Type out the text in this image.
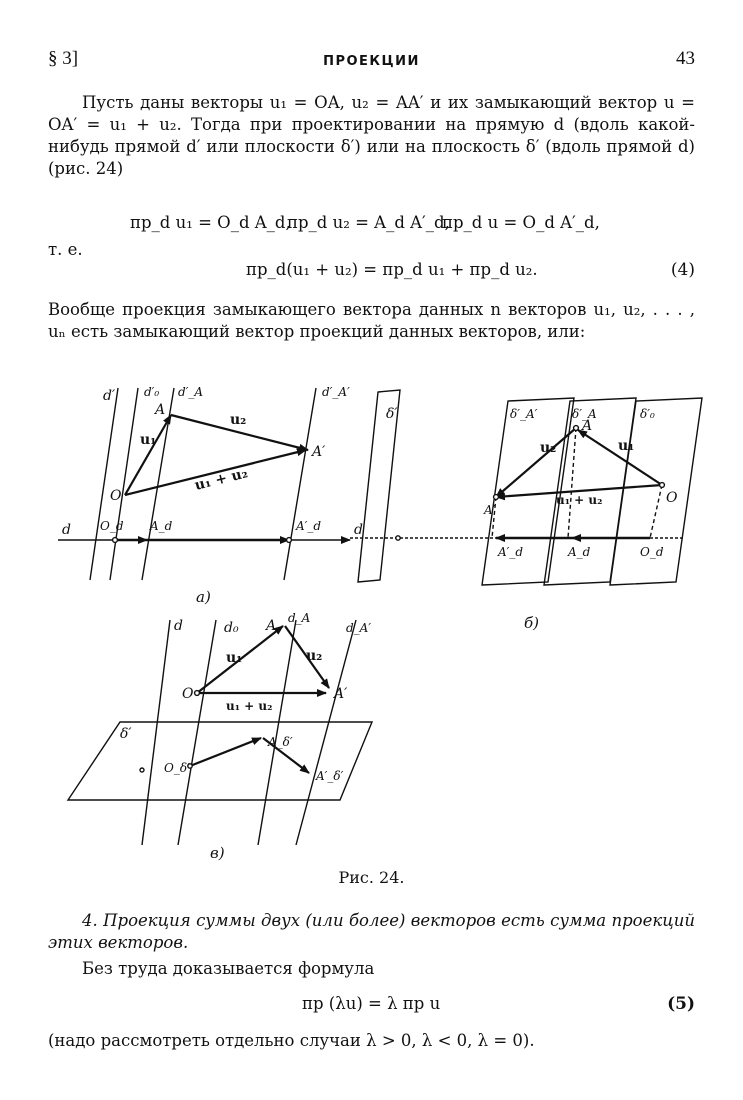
§ 3]	ПРОЕКЦИИ	43
Пусть даны векторы u₁ = OA, u₂ = AA′ и их замыкающий вектор u = OA′ = u₁ + u₂. Тогда при проектировании на прямую d (вдоль какой-нибудь прямой d′ или плоскости δ′) или на плоскость δ′ (вдоль прямой d) (рис. 24)
пр_d u₁ = O_d A_d,
пр_d u₂ = A_d A′_d,
пр_d u = O_d A′_d,
т. е.
пр_d(u₁ + u₂) = пр_d u₁ + пр_d u₂.	(4)
Вообще проекция замыкающего вектора данных n векторов u₁, u₂, . . . , uₙ есть замыкающий вектор проекций данных векторов, или:
d′ d′₀ d′_A	d′_A′
d
A
O
A′
O_d A_d	A′_d
u₁
u₂
u₁ + u₂
а)
δ′	δ′_A′	δ′_A	δ′₀
d
A
A′
O
A′_d	A_d	O_d
u₂	u₁
u₁ + u₂
б)
d	d₀
d_A
d_A′
δ′
A
O	A′
O_δ′
A_δ′
A′_δ′
u₁	u₂
u₁ + u₂
в)
Рис. 24.
4. Проекция суммы двух (или более) векторов есть сумма проекций этих векторов.
Без труда доказывается формула
пр (λu) = λ пр u	(5)
(надо рассмотреть отдельно случаи λ > 0, λ < 0, λ = 0).
